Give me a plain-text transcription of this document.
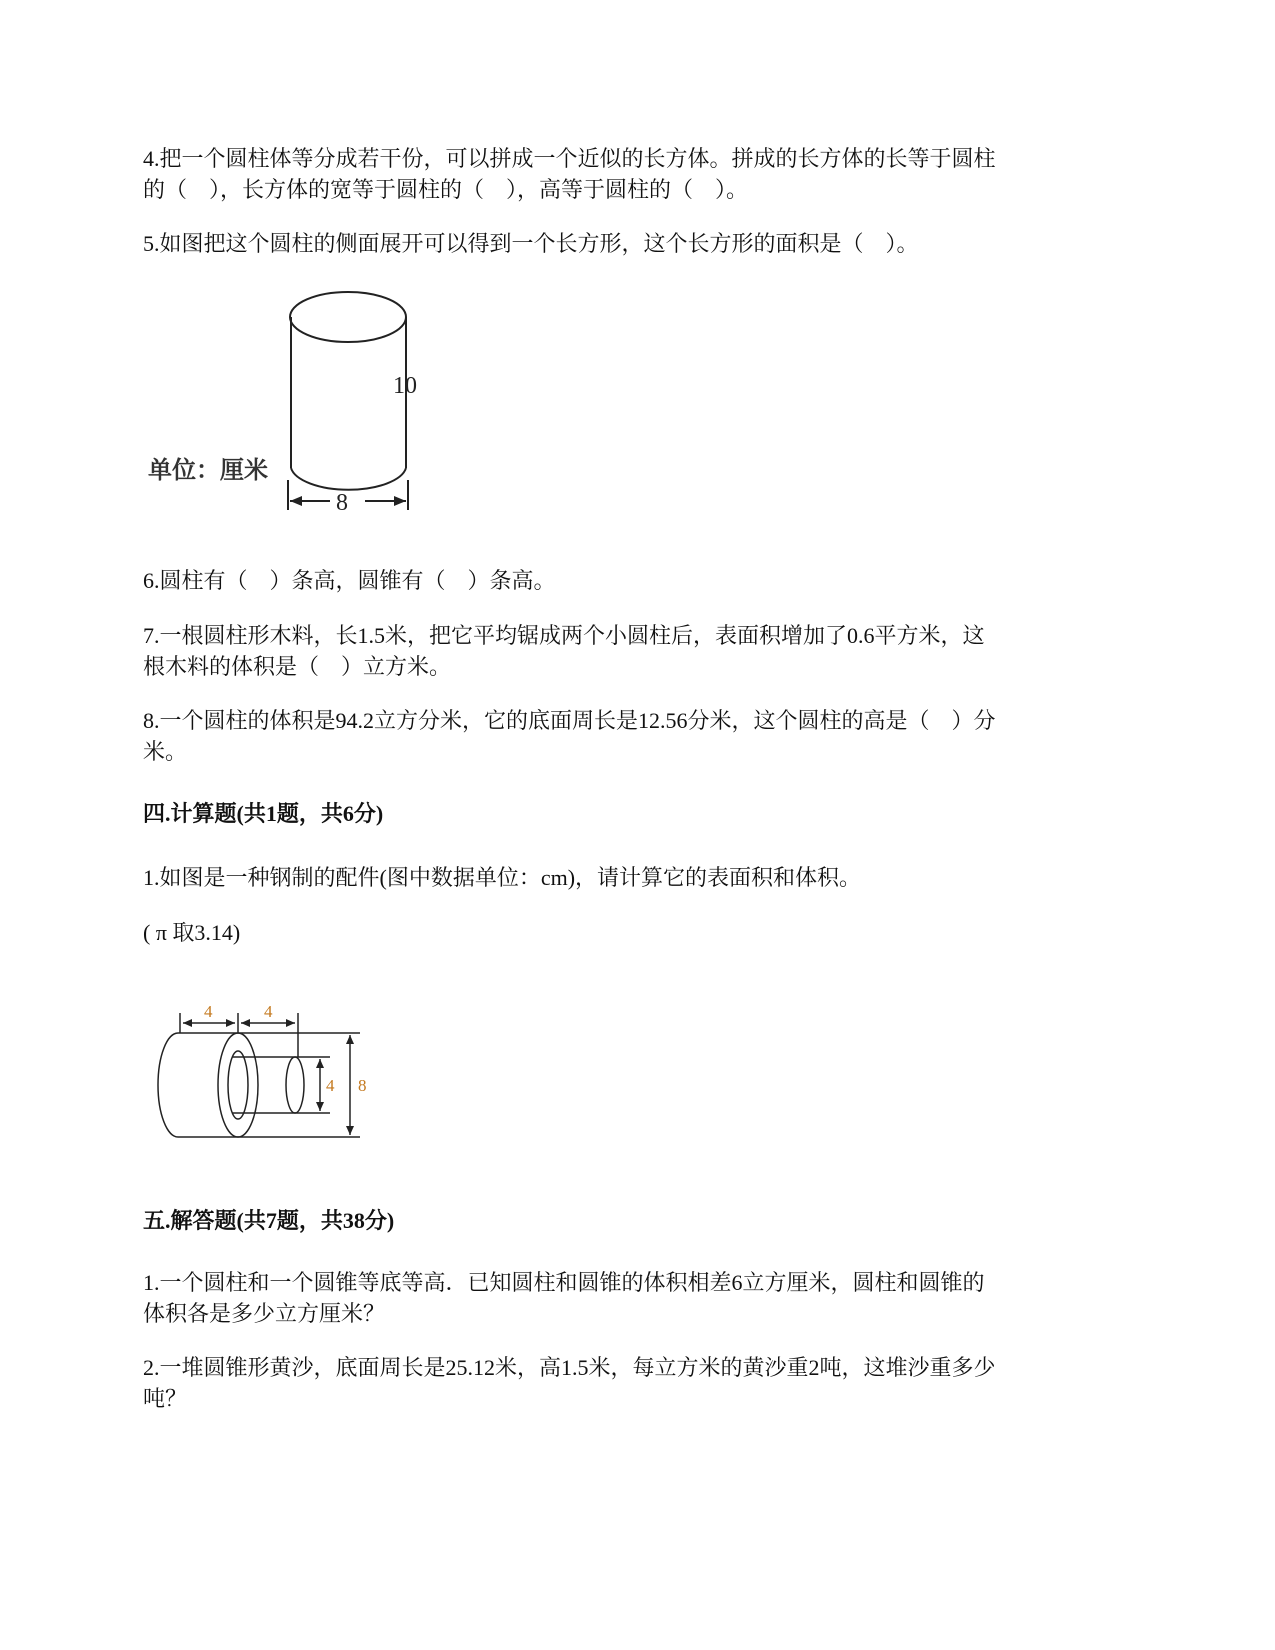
4.把一个圆柱体等分成若干份，可以拼成一个近似的长方体。拼成的长方体的长等于圆柱
的（　），长方体的宽等于圆柱的（　），高等于圆柱的（　）。
5.如图把这个圆柱的侧面展开可以得到一个长方形，这个长方形的面积是（　）。
10
8
单位：厘米
6.圆柱有（　）条高，圆锥有（　）条高。
7.一根圆柱形木料，长1.5米，把它平均锯成两个小圆柱后，表面积增加了0.6平方米，这
根木料的体积是（　）立方米。
8.一个圆柱的体积是94.2立方分米，它的底面周长是12.56分米，这个圆柱的高是（　）分
米。
四.计算题(共1题，共6分)
1.如图是一种钢制的配件(图中数据单位：cm)，请计算它的表面积和体积。
( π 取3.14)
4	4
4 8
五.解答题(共7题，共38分)
1.一个圆柱和一个圆锥等底等高．已知圆柱和圆锥的体积相差6立方厘米，圆柱和圆锥的
体积各是多少立方厘米？
2.一堆圆锥形黄沙，底面周长是25.12米，高1.5米，每立方米的黄沙重2吨，这堆沙重多少
吨？
